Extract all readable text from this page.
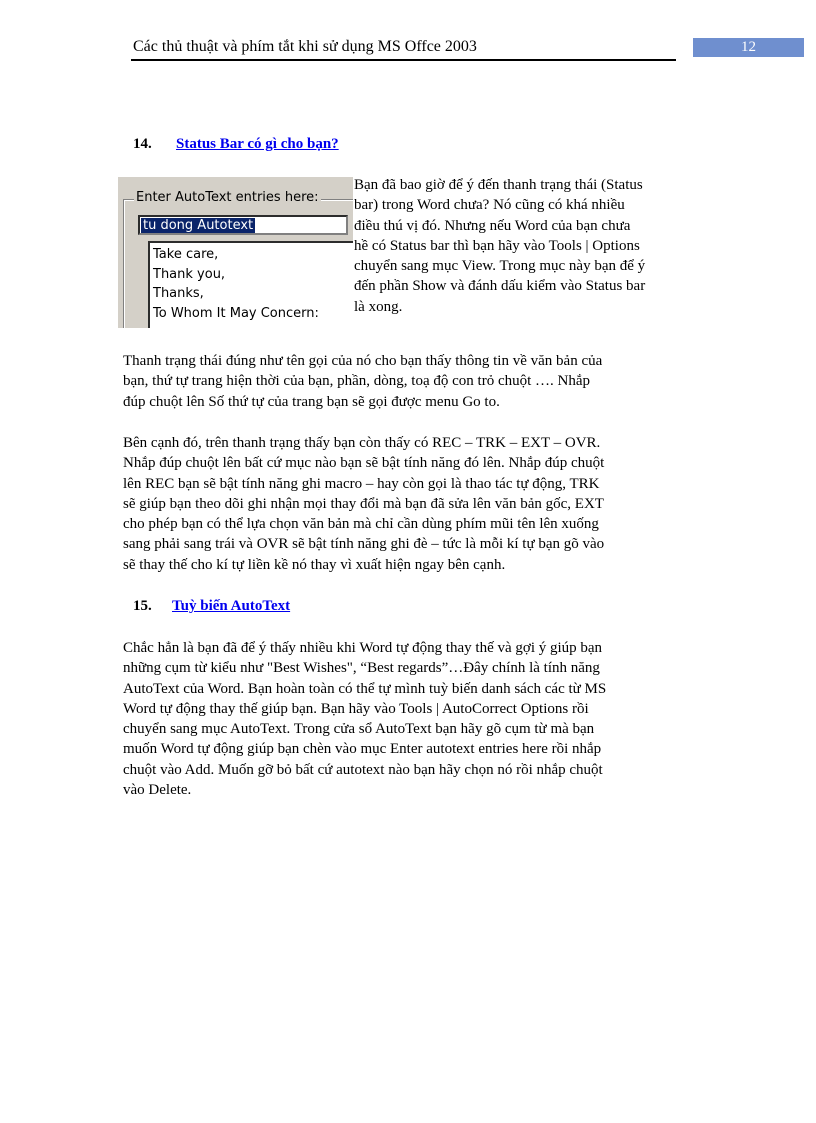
Các thủ thuật và phím tắt khi sử dụng MS Offce 2003	12
14. Status Bar có gì cho bạn?
Enter AutoText entries here:
tu dong Autotext
Take care,
Thank you,
Thanks,
To Whom It May Concern:

Bạn đã bao giờ để ý đến thanh trạng thái (Status
bar) trong Word chưa? Nó cũng có khá nhiều
điều thú vị đó. Nhưng nếu Word của bạn chưa
hề có Status bar thì bạn hãy vào Tools | Options
chuyển sang mục View. Trong mục này bạn để ý
đến phần Show và đánh dấu kiểm vào Status bar
là xong.

Thanh trạng thái đúng như tên gọi của nó cho bạn thấy thông tin về văn bản của
bạn, thứ tự trang hiện thời của bạn, phần, dòng, toạ độ con trỏ chuột …. Nhắp
đúp chuột lên Số thứ tự của trang bạn sẽ gọi được menu Go to.

Bên cạnh đó, trên thanh trạng thấy bạn còn thấy có REC – TRK – EXT – OVR.
Nhắp đúp chuột lên bất cứ mục nào bạn sẽ bật tính năng đó lên. Nhắp đúp chuột
lên REC bạn sẽ bật tính năng ghi macro – hay còn gọi là thao tác tự động, TRK
sẽ giúp bạn theo dõi ghi nhận mọi thay đổi mà bạn đã sửa lên văn bản gốc, EXT
cho phép bạn có thể lựa chọn văn bản mà chỉ cần dùng phím mũi tên lên xuống
sang phải sang trái và OVR sẽ bật tính năng ghi đè – tức là mỗi kí tự bạn gõ vào
sẽ thay thế cho kí tự liền kề nó thay vì xuất hiện ngay bên cạnh.

15. Tuỳ biến AutoText

Chắc hẳn là bạn đã để ý thấy nhiều khi Word tự động thay thế và gợi ý giúp bạn
những cụm từ kiểu như "Best Wishes", “Best regards”…Đây chính là tính năng
AutoText của Word. Bạn hoàn toàn có thể tự mình tuỳ biến danh sách các từ MS
Word tự động thay thế giúp bạn. Bạn hãy vào Tools | AutoCorrect Options rồi
chuyển sang mục AutoText. Trong cửa sổ AutoText bạn hãy gõ cụm từ mà bạn
muốn Word tự động giúp bạn chèn vào mục Enter autotext entries here rồi nhắp
chuột vào Add. Muốn gỡ bỏ bất cứ autotext nào bạn hãy chọn nó rồi nhắp chuột
vào Delete.
